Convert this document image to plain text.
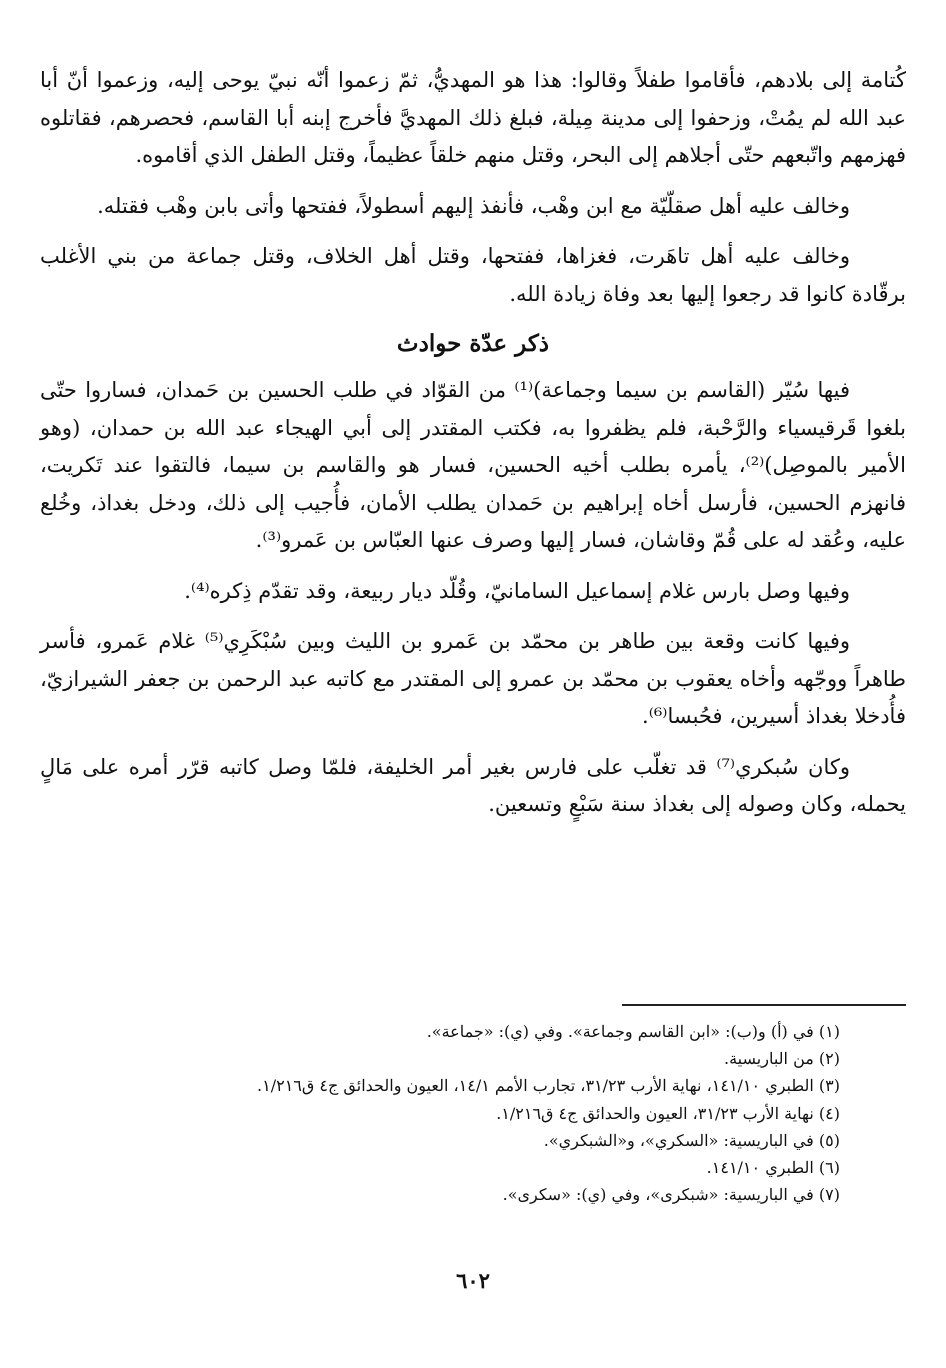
كُتامة إلى بلادهم، فأقاموا طفلاً وقالوا: هذا هو المهديُّ، ثمّ زعموا أنّه نبيّ يوحى إليه، وزعموا أنّ أبا عبد الله لم يمُتْ، وزحفوا إلى مدينة مِيلة، فبلغ ذلك المهديَّ فأخرج إبنه أبا القاسم، فحصرهم، فقاتلوه فهزمهم واتّبعهم حتّى أجلاهم إلى البحر، وقتل منهم خلقاً عظيماً، وقتل الطفل الذي أقاموه.

وخالف عليه أهل صقلّيّة مع ابن وهْب، فأنفذ إليهم أسطولاً، ففتحها وأتى بابن وهْب فقتله.

وخالف عليه أهل تاهَرت، فغزاها، ففتحها، وقتل أهل الخلاف، وقتل جماعة من بني الأغلب برقّادة كانوا قد رجعوا إليها بعد وفاة زيادة الله.

ذكر عدّة حوادث

فيها سُيّر (القاسم بن سيما وجماعة)⁽¹⁾ من القوّاد في طلب الحسين بن حَمدان، فساروا حتّى بلغوا قَرقيسياء والرَّحْبة، فلم يظفروا به، فكتب المقتدر إلى أبي الهيجاء عبد الله بن حمدان، (وهو الأمير بالموصِل)⁽²⁾، يأمره بطلب أخيه الحسين، فسار هو والقاسم بن سيما، فالتقوا عند تَكريت، فانهزم الحسين، فأرسل أخاه إبراهيم بن حَمدان يطلب الأمان، فأُجيب إلى ذلك، ودخل بغداذ، وخُلع عليه، وعُقد له على قُمّ وقاشان، فسار إليها وصرف عنها العبّاس بن عَمرو⁽³⁾.

وفيها وصل بارس غلام إسماعيل السامانيّ، وقُلّد ديار ربيعة، وقد تقدّم ذِكره⁽⁴⁾.

وفيها كانت وقعة بين طاهر بن محمّد بن عَمرو بن الليث وبين سُبْكَرِي⁽⁵⁾ غلام عَمرو، فأسر طاهراً ووجّهه وأخاه يعقوب بن محمّد بن عمرو إلى المقتدر مع كاتبه عبد الرحمن بن جعفر الشيرازيّ، فأُدخلا بغداذ أسيرين، فحُبسا⁽⁶⁾.

وكان سُبكري⁽⁷⁾ قد تغلّب على فارس بغير أمر الخليفة، فلمّا وصل كاتبه قرّر أمره على مَالٍ يحمله، وكان وصوله إلى بغداذ سنة سَبْعٍ وتسعين.

(١) في (أ) و(ب): «ابن القاسم وجماعة». وفي (ي): «جماعة».
(٢) من الباريسية.
(٣) الطبري ١٤١/١٠، نهاية الأرب ٣١/٢٣، تجارب الأمم ١٤/١، العيون والحدائق ج٤ ق١/٢١٦.
(٤) نهاية الأرب ٣١/٢٣، العيون والحدائق ج٤ ق١/٢١٦.
(٥) في الباريسية: «السكري»، و«الشبكري».
(٦) الطبري ١٤١/١٠.
(٧) في الباريسية: «شبكرى»، وفي (ي): «سكرى».
٦٠٢
